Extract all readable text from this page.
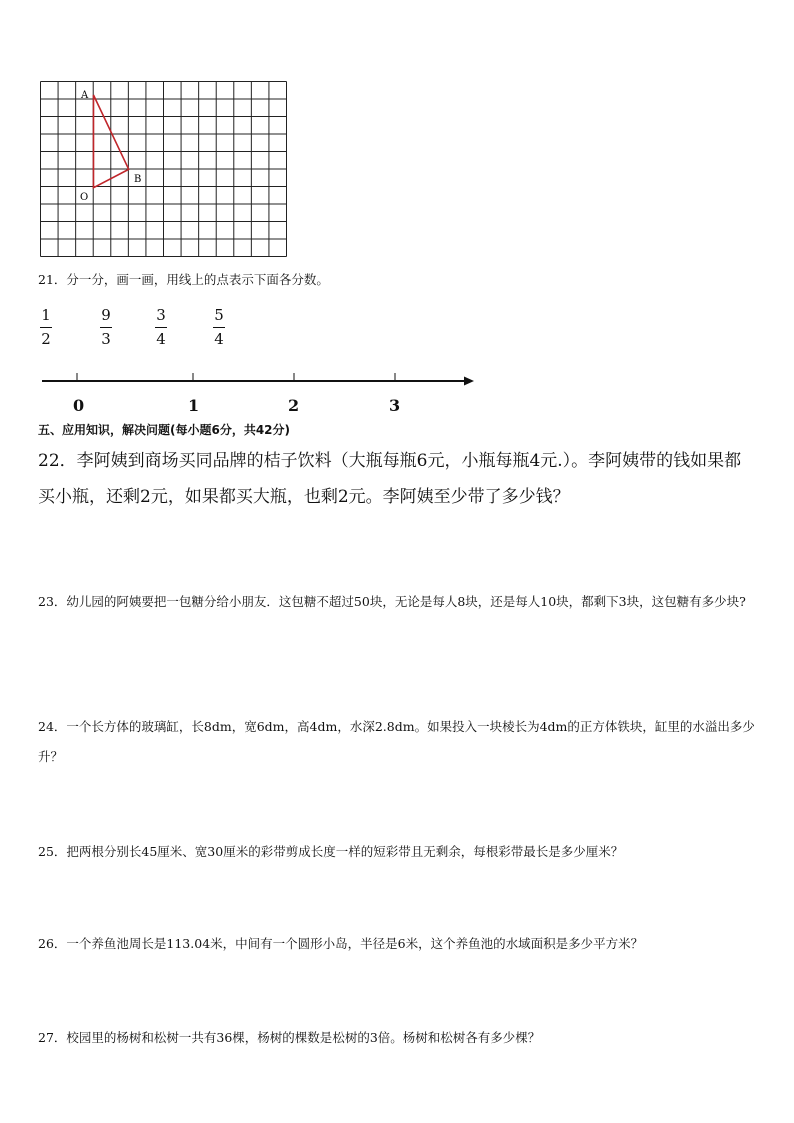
A
B
O
21．分一分，画一画，用线上的点表示下面各分数。
1
2
9
3
3
4
5
4
0	1	2	3
五、应用知识，解决问题(每小题6分，共42分)
22．李阿姨到商场买同品牌的桔子饮料（大瓶每瓶6元，小瓶每瓶4元.）。李阿姨带的钱如果都买小瓶，还剩2元，如果都买大瓶，也剩2元。李阿姨至少带了多少钱？
23．幼儿园的阿姨要把一包糖分给小朋友．这包糖不超过50块，无论是每人8块，还是每人10块，都剩下3块，这包糖有多少块?
24．一个长方体的玻璃缸，长8dm，宽6dm，高4dm，水深2.8dm。如果投入一块棱长为4dm的正方体铁块，缸里的水溢出多少升？
25．把两根分别长45厘米、宽30厘米的彩带剪成长度一样的短彩带且无剩余，每根彩带最长是多少厘米？
26．一个养鱼池周长是113.04米，中间有一个圆形小岛，半径是6米，这个养鱼池的水域面积是多少平方米？
27．校园里的杨树和松树一共有36棵，杨树的棵数是松树的3倍。杨树和松树各有多少棵？
